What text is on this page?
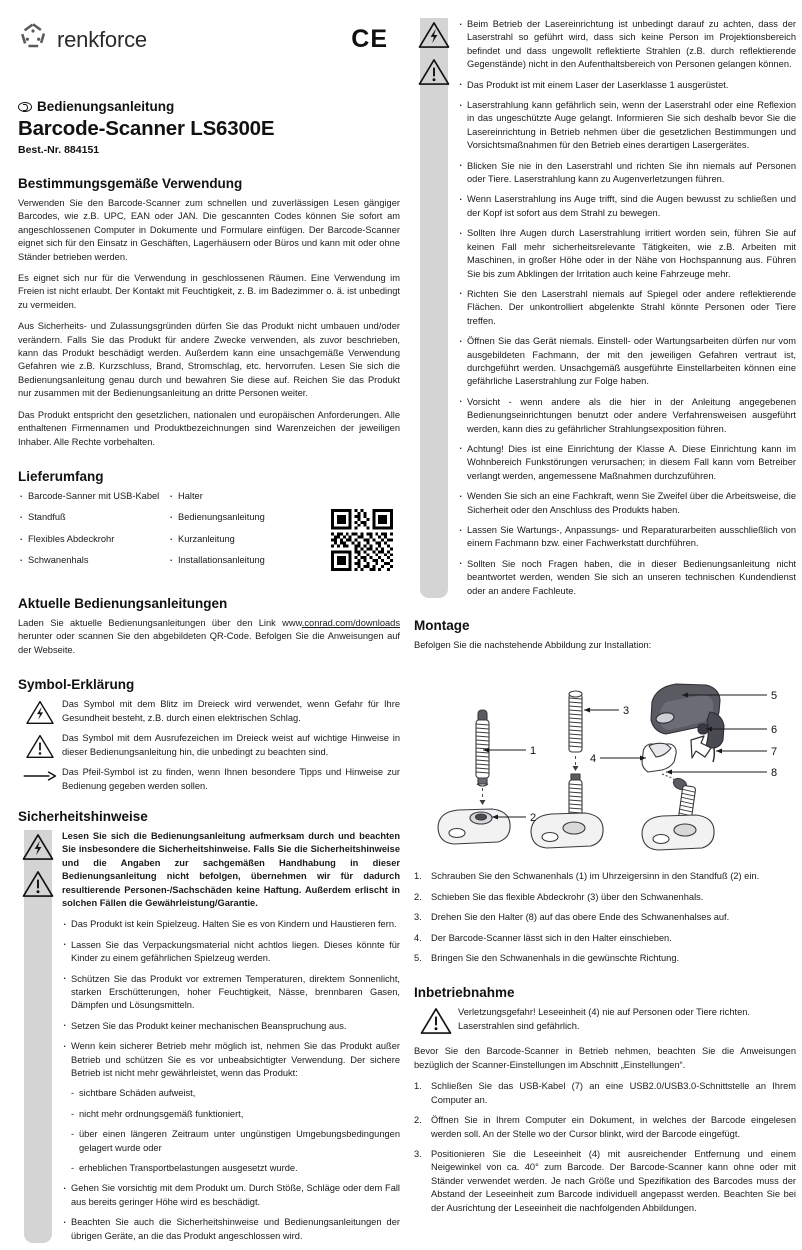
renkforce	CE
Bedienungsanleitung
Barcode-Scanner LS6300E
Best.-Nr. 884151
Bestimmungsgemäße Verwendung

Verwenden Sie den Barcode-Scanner zum schnellen und zuverlässigen Lesen gängiger Barcodes, wie z.B. UPC, EAN oder JAN. Die gescannten Codes können Sie sofort am angeschlossenen Computer in Dokumente und Formulare einfügen. Der Barcode-Scanner eignet sich für den Einsatz in Geschäften, Lagerhäusern oder Büros und kann mit oder ohne Ständer betrieben werden.

Es eignet sich nur für die Verwendung in geschlossenen Räumen. Eine Verwendung im Freien ist nicht erlaubt. Der Kontakt mit Feuchtigkeit, z. B. im Badezimmer o. ä. ist unbedingt zu vermeiden.

Aus Sicherheits- und Zulassungsgründen dürfen Sie das Produkt nicht umbauen und/oder verändern. Falls Sie das Produkt für andere Zwecke verwenden, als zuvor beschrieben, kann das Produkt beschädigt werden. Außerdem kann eine unsachgemäße Verwendung Gefahren wie z.B. Kurzschluss, Brand, Stromschlag, etc. hervorrufen. Lesen Sie sich die Bedienungsanleitung genau durch und bewahren Sie diese auf. Reichen Sie das Produkt nur zusammen mit der Bedienungsanleitung an dritte Personen weiter.

Das Produkt entspricht den gesetzlichen, nationalen und europäischen Anforderungen. Alle enthaltenen Firmennamen und Produktbezeichnungen sind Warenzeichen der jeweiligen Inhaber. Alle Rechte vorbehalten.

Lieferumfang
· Barcode-Sanner mit USB-Kabel
· Standfuß
· Flexibles Abdeckrohr
· Schwanenhals
· Halter
· Bedienungsanleitung
· Kurzanleitung
· Installationsanleitung
Aktuelle Bedienungsanleitungen

Laden Sie aktuelle Bedienungsanleitungen über den Link www.conrad.com/downloads herunter oder scannen Sie den abgebildeten QR-Code. Befolgen Sie die Anweisungen auf der Webseite.

Symbol-Erklärung
Das Symbol mit dem Blitz im Dreieck wird verwendet, wenn Gefahr für Ihre Gesundheit besteht, z.B. durch einen elektrischen Schlag.
Das Symbol mit dem Ausrufezeichen im Dreieck weist auf wichtige Hinweise in dieser Bedienungsanleitung hin, die unbedingt zu beachten sind.
Das Pfeil-Symbol ist zu finden, wenn Ihnen besondere Tipps und Hinweise zur Bedienung gegeben werden sollen.
Sicherheitshinweise
Lesen Sie sich die Bedienungsanleitung aufmerksam durch und beachten Sie insbesondere die Sicherheitshinweise. Falls Sie die Sicherheitshinweise und die Angaben zur sachgemäßen Handhabung in dieser Bedienungsanleitung nicht befolgen, übernehmen wir für dadurch resultierende Personen-/Sachschäden keine Haftung. Außerdem erlischt in solchen Fällen die Gewährleistung/Garantie.
· Das Produkt ist kein Spielzeug. Halten Sie es von Kindern und Haustieren fern.
· Lassen Sie das Verpackungsmaterial nicht achtlos liegen. Dieses könnte für Kinder zu einem gefährlichen Spielzeug werden.
· Schützen Sie das Produkt vor extremen Temperaturen, direktem Sonnenlicht, starken Erschütterungen, hoher Feuchtigkeit, Nässe, brennbaren Gasen, Dämpfen und Lösungsmitteln.
· Setzen Sie das Produkt keiner mechanischen Beanspruchung aus.
· Wenn kein sicherer Betrieb mehr möglich ist, nehmen Sie das Produkt außer Betrieb und schützen Sie es vor unbeabsichtigter Verwendung. Der sichere Betrieb ist nicht mehr gewährleistet, wenn das Produkt:
- sichtbare Schäden aufweist,
- nicht mehr ordnungsgemäß funktioniert,
- über einen längeren Zeitraum unter ungünstigen Umgebungsbedingungen gelagert wurde oder
- erheblichen Transportbelastungen ausgesetzt wurde.
· Gehen Sie vorsichtig mit dem Produkt um. Durch Stöße, Schläge oder dem Fall aus bereits geringer Höhe wird es beschädigt.
· Beachten Sie auch die Sicherheitshinweise und Bedienungsanleitungen der übrigen Geräte, an die das Produkt angeschlossen wird.
· Beim Betrieb der Lasereinrichtung ist unbedingt darauf zu achten, dass der Laserstrahl so geführt wird, dass sich keine Person im Projektionsbereich befindet und dass ungewollt reflektierte Strahlen (z.B. durch reflektierende Gegenstände) nicht in den Aufenthaltsbereich von Personen gelangen können.
· Das Produkt ist mit einem Laser der Laserklasse 1 ausgerüstet.
· Laserstrahlung kann gefährlich sein, wenn der Laserstrahl oder eine Reflexion in das ungeschützte Auge gelangt. Informieren Sie sich deshalb bevor Sie die Lasereinrichtung in Betrieb nehmen über die gesetzlichen Bestimmungen und Vorsichtsmaßnahmen für den Betrieb eines derartigen Lasergerätes.
· Blicken Sie nie in den Laserstrahl und richten Sie ihn niemals auf Personen oder Tiere. Laserstrahlung kann zu Augenverletzungen führen.
· Wenn Laserstrahlung ins Auge trifft, sind die Augen bewusst zu schließen und der Kopf ist sofort aus dem Strahl zu bewegen.
· Sollten Ihre Augen durch Laserstrahlung irritiert worden sein, führen Sie auf keinen Fall mehr sicherheitsrelevante Tätigkeiten, wie z.B. Arbeiten mit Maschinen, in großer Höhe oder in der Nähe von Hochspannung aus. Führen Sie bis zum Abklingen der Irritation auch keine Fahrzeuge mehr.
· Richten Sie den Laserstrahl niemals auf Spiegel oder andere reflektierende Flächen. Der unkontrolliert abgelenkte Strahl könnte Personen oder Tiere treffen.
· Öffnen Sie das Gerät niemals. Einstell- oder Wartungsarbeiten dürfen nur vom ausgebildeten Fachmann, der mit den jeweiligen Gefahren vertraut ist, durchgeführt werden. Unsachgemäß ausgeführte Einstellarbeiten können eine gefährliche Laserstrahlung zur Folge haben.
· Vorsicht - wenn andere als die hier in der Anleitung angegebenen Bedienungseinrichtungen benutzt oder andere Verfahrensweisen ausgeführt werden, kann dies zu gefährlicher Strahlungsexposition führen.
· Achtung! Dies ist eine Einrichtung der Klasse A. Diese Einrichtung kann im Wohnbereich Funkstörungen verursachen; in diesem Fall kann vom Betreiber verlangt werden, angemessene Maßnahmen durchzuführen.
· Wenden Sie sich an eine Fachkraft, wenn Sie Zweifel über die Arbeitsweise, die Sicherheit oder den Anschluss des Produkts haben.
· Lassen Sie Wartungs-, Anpassungs- und Reparaturarbeiten ausschließlich von einem Fachmann bzw. einer Fachwerkstatt durchführen.
· Sollten Sie noch Fragen haben, die in dieser Bedienungsanleitung nicht beantwortet werden, wenden Sie sich an unseren technischen Kundendienst oder an andere Fachleute.
Montage

Befolgen Sie die nachstehende Abbildung zur Installation:

1
2
3
4
5
6
7
8
Schrauben Sie den Schwanenhals (1) im Uhrzeigersinn in den Standfuß (2) ein.
Schieben Sie das flexible Abdeckrohr (3) über den Schwanenhals.
Drehen Sie den Halter (8) auf das obere Ende des Schwanenhalses auf.
Der Barcode-Scanner lässt sich in den Halter einschieben.
Bringen Sie den Schwanenhals in die gewünschte Richtung.
Inbetriebnahme
Verletzungsgefahr! Leseeinheit (4) nie auf Personen oder Tiere richten. Laserstrahlen sind gefährlich.

Bevor Sie den Barcode-Scanner in Betrieb nehmen, beachten Sie die Anweisungen bezüglich der Scanner-Einstellungen im Abschnitt „Einstellungen“.

Schließen Sie das USB-Kabel (7) an eine USB2.0/USB3.0-Schnittstelle an Ihrem Computer an.
Öffnen Sie in Ihrem Computer ein Dokument, in welches der Barcode eingelesen werden soll. An der Stelle wo der Cursor blinkt, wird der Barcode eingefügt.
Positionieren Sie die Leseeinheit (4) mit ausreichender Entfernung und einem Neigewinkel von ca. 40° zum Barcode. Der Barcode-Scanner kann ohne oder mit Ständer verwendet werden. Je nach Größe und Spezifikation des Barcodes muss der Abstand der Leseeinheit zum Barcode individuell angepasst werden. Beachten Sie bei der Ausrichtung der Leseeinheit die nachfolgenden Abbildungen.
